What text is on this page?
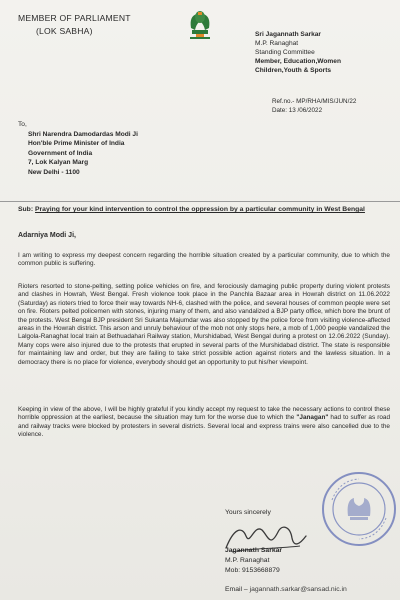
MEMBER OF PARLIAMENT
(LOK SABHA)	Sri Jagannath Sarkar
M.P. Ranaghat
Standing Committee
Member, Education,Women
Children,Youth & Sports
Ref.no.- MP/RHA/MIS/JUN/22
Date: 13 /06/2022
To,
Shri Narendra Damodardas Modi Ji
Hon'ble Prime Minister of India
Government of India
7, Lok Kalyan Marg
New Delhi - 1100
Sub: Praying for your kind intervention to control the oppression by a particular community in West Bengal
Adarniya Modi Ji,

I am writing to express my deepest concern regarding the horrible situation created by a particular community, due to which the common public is suffering.

Rioters resorted to stone-pelting, setting police vehicles on fire, and ferociously damaging public property during violent protests and clashes in Howrah, West Bengal. Fresh violence took place in the Panchla Bazaar area in Howrah district on 11.06.2022 (Saturday) as rioters tried to force their way towards NH-6, clashed with the police, and several houses of common people were set on fire. Rioters pelted policemen with stones, injuring many of them, and also vandalized a BJP party office, which bore the brunt of the protests. West Bengal BJP president Sri Sukanta Majumdar was also stopped by the police force from visiting violence-affected areas in the Howrah district. This arson and unruly behaviour of the mob not only stops here, a mob of 1,000 people vandalized the Lalgola-Ranaghat local train at Bethuadahari Railway station, Murshidabad, West Bengal during a protest on 12.06.2022 (Sunday). Many cops were also injured due to the protests that erupted in several parts of the Murshidabad district. The state is responsible for maintaining law and order, but they are failing to take strict possible action against rioters and the lawless situation. In a democracy there is no place for violence, everybody should get an opportunity to put his/her viewpoint.

Keeping in view of the above, I will be highly grateful if you kindly accept my request to take the necessary actions to control these horrible oppression at the earliest, because the situation may turn for the worse due to which the "Janagan" had to suffer as road and railway tracks were blocked by protesters in several districts. Several local and express trains were also cancelled due to the violence.

Yours sincerely
Jagannath Sarkar
M.P. Ranaghat
Mob: 9153668879
Email – jagannath.sarkar@sansad.nic.in
